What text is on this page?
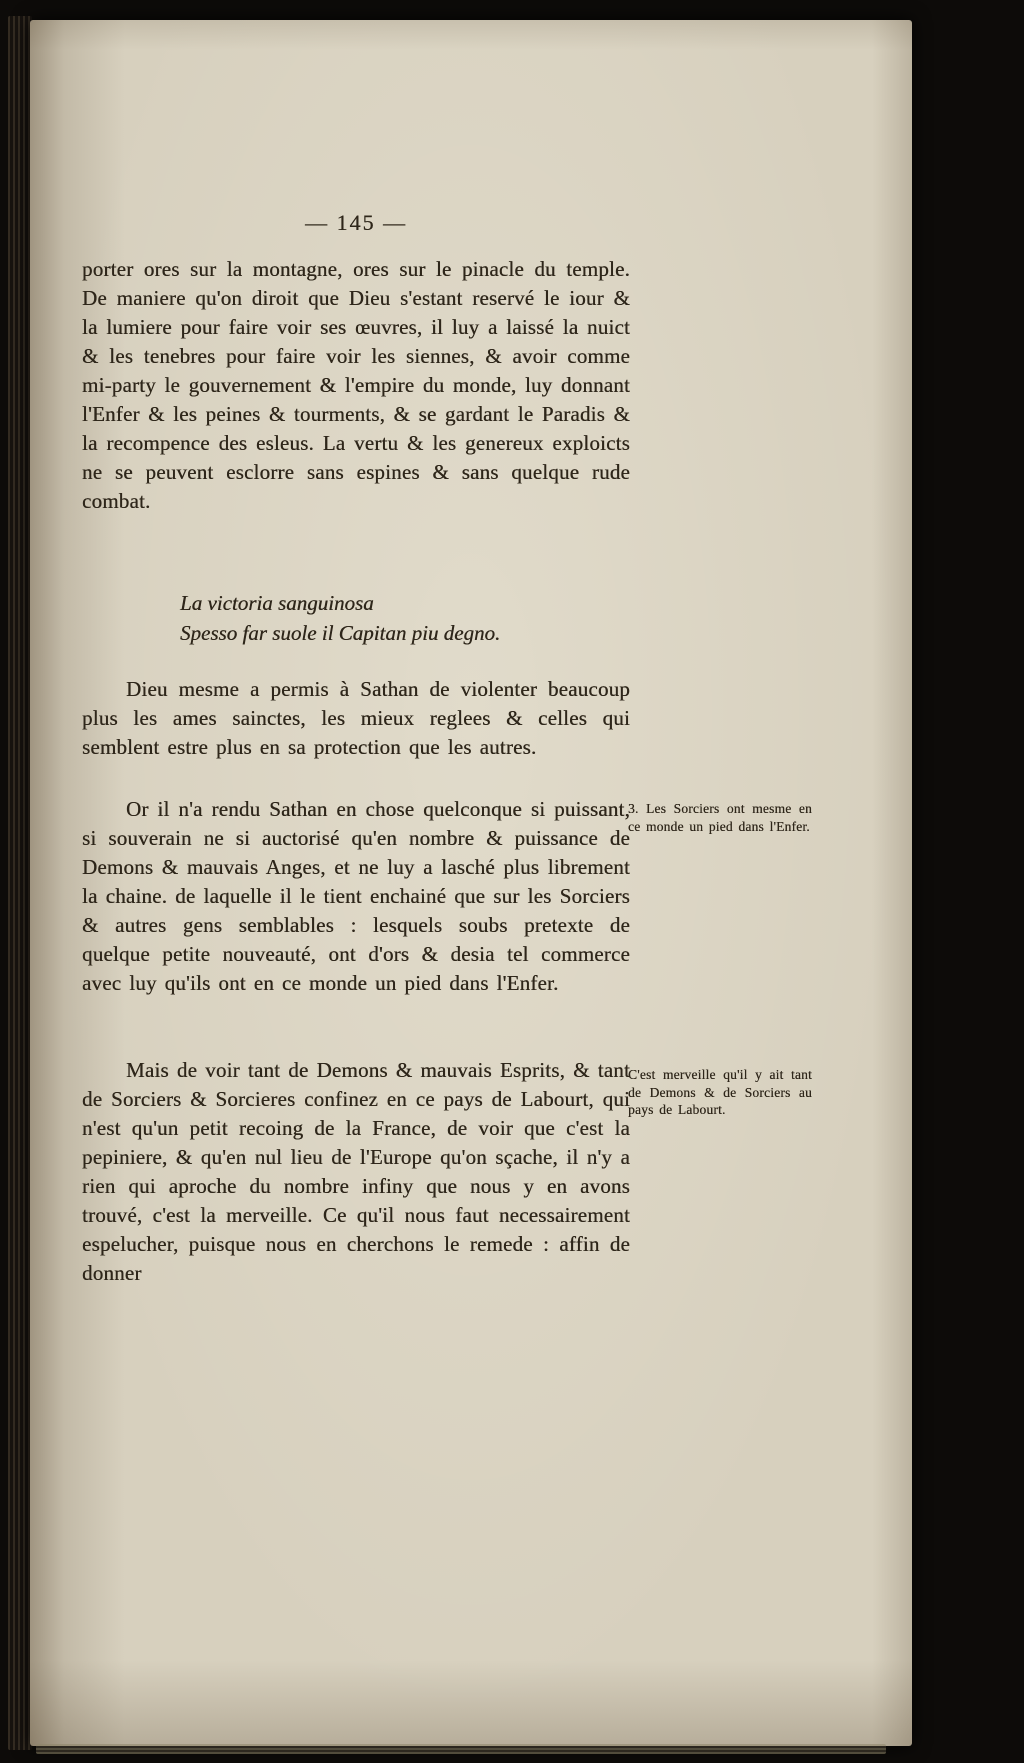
— 145 —
porter ores sur la montagne, ores sur le pinacle du temple. De maniere qu'on diroit que Dieu s'estant reservé le iour & la lumiere pour faire voir ses œuvres, il luy a laissé la nuict & les tenebres pour faire voir les siennes, & avoir comme mi-party le gouvernement & l'empire du monde, luy donnant l'Enfer & les peines & tourments, & se gardant le Paradis & la recompence des esleus. La vertu & les genereux exploicts ne se peuvent esclorre sans espines & sans quelque rude combat.
La victoria sanguinosa
Spesso far suole il Capitan piu degno.
Dieu mesme a permis à Sathan de violenter beaucoup plus les ames sainctes, les mieux reglees & celles qui semblent estre plus en sa protection que les autres.
Or il n'a rendu Sathan en chose quelconque si puissant, si souverain ne si auctorisé qu'en nombre & puissance de Demons & mauvais Anges, et ne luy a lasché plus librement la chaine. de laquelle il le tient enchainé que sur les Sorciers & autres gens semblables : lesquels soubs pretexte de quelque petite nouveauté, ont d'ors & desia tel commerce avec luy qu'ils ont en ce monde un pied dans l'Enfer.
Mais de voir tant de Demons & mauvais Esprits, & tant de Sorciers & Sorcieres confinez en ce pays de Labourt, qui n'est qu'un petit recoing de la France, de voir que c'est la pepiniere, & qu'en nul lieu de l'Europe qu'on sçache, il n'y a rien qui aproche du nombre infiny que nous y en avons trouvé, c'est la merveille. Ce qu'il nous faut necessairement espelucher, puisque nous en cherchons le remede : affin de donner
3. Les Sorciers ont mesme en ce monde un pied dans l'Enfer.
C'est merveille qu'il y ait tant de Demons & de Sorciers au pays de Labourt.
